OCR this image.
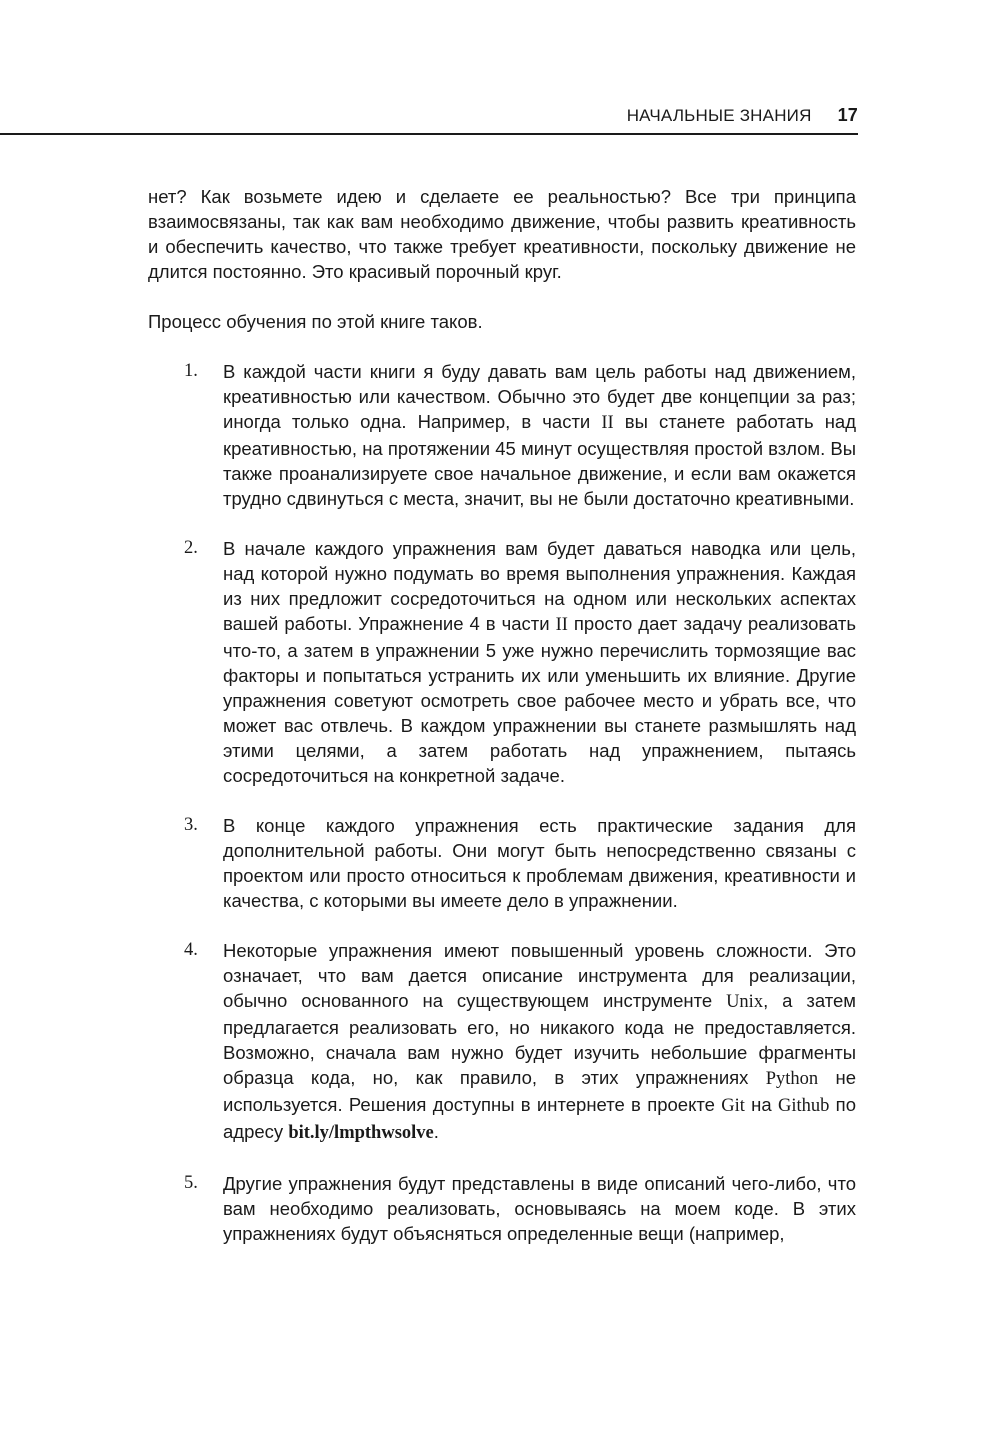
НАЧАЛЬНЫЕ ЗНАНИЯ 17

нет? Как возьмете идею и сделаете ее реальностью? Все три принципа взаимосвязаны, так как вам необходимо движение, чтобы развить креативность и обеспечить качество, что также требует креативности, поскольку движение не длится постоянно. Это красивый порочный круг.

Процесс обучения по этой книге таков.

1. В каждой части книги я буду давать вам цель работы над движением, креативностью или качеством. Обычно это будет две концепции за раз; иногда только одна. Например, в части II вы станете работать над креативностью, на протяжении 45 минут осуществляя простой взлом. Вы также проанализируете свое начальное движение, и если вам окажется трудно сдвинуться с места, значит, вы не были достаточно креативными.
2. В начале каждого упражнения вам будет даваться наводка или цель, над которой нужно подумать во время выполнения упражнения. Каждая из них предложит сосредоточиться на одном или нескольких аспектах вашей работы. Упражнение 4 в части II просто дает задачу реализовать что-то, а затем в упражнении 5 уже нужно перечислить тормозящие вас факторы и попытаться устранить их или уменьшить их влияние. Другие упражнения советуют осмотреть свое рабочее место и убрать все, что может вас отвлечь. В каждом упражнении вы станете размышлять над этими целями, а затем работать над упражнением, пытаясь сосредоточиться на конкретной задаче.
3. В конце каждого упражнения есть практические задания для дополнительной работы. Они могут быть непосредственно связаны с проектом или просто относиться к проблемам движения, креативности и качества, с которыми вы имеете дело в упражнении.
4. Некоторые упражнения имеют повышенный уровень сложности. Это означает, что вам дается описание инструмента для реализации, обычно основанного на существующем инструменте Unix, а затем предлагается реализовать его, но никакого кода не предоставляется. Возможно, сначала вам нужно будет изучить небольшие фрагменты образца кода, но, как правило, в этих упражнениях Python не используется. Решения доступны в интернете в проекте Git на Github по адресу bit.ly/lmpthwsolve.
5. Другие упражнения будут представлены в виде описаний чего-либо, что вам необходимо реализовать, основываясь на моем коде. В этих упражнениях будут объясняться определенные вещи (например,
